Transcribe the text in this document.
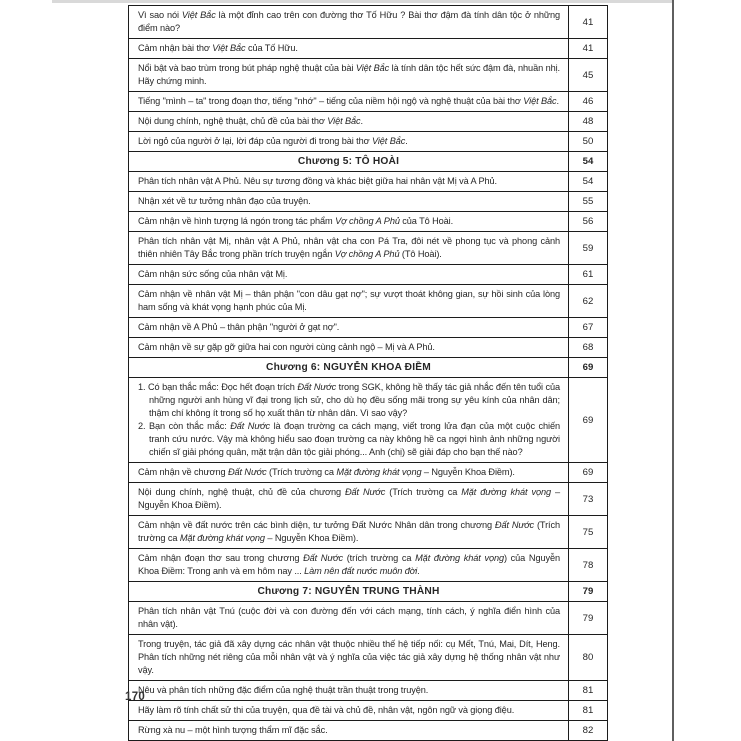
Vì sao nói Việt Bắc là một đỉnh cao trên con đường thơ Tố Hữu ? Bài thơ đậm đà tính dân tộc ở những điểm nào?	41

Cảm nhận bài thơ Việt Bắc của Tố Hữu.	41

Nổi bật và bao trùm trong bút pháp nghệ thuật của bài Việt Bắc là tính dân tộc hết sức đậm đà, nhuần nhị. Hãy chứng minh.	45

Tiếng "mình – ta" trong đoạn thơ, tiếng "nhớ" – tiếng của niềm hội ngộ và nghệ thuật của bài thơ Việt Bắc.	46

Nội dung chính, nghệ thuật, chủ đề của bài thơ Việt Bắc.	48

Lời ngỏ của người ở lại, lời đáp của người đi trong bài thơ Việt Bắc.	50

Chương 5: TÔ HOÀI	54

Phân tích nhân vật A Phủ. Nêu sự tương đồng và khác biệt giữa hai nhân vật Mị và A Phủ.	54

Nhận xét về tư tưởng nhân đạo của truyện.	55

Cảm nhận về hình tượng lá ngón trong tác phẩm Vợ chồng A Phủ của Tô Hoài.	56

Phân tích nhân vật Mị, nhân vật A Phủ, nhân vật cha con Pá Tra, đôi nét về phong tục và phong cảnh thiên nhiên Tây Bắc trong phần trích truyện ngắn Vợ chồng A Phủ (Tô Hoài).	59

Cảm nhận sức sống của nhân vật Mị.	61

Cảm nhận về nhân vật Mị – thân phận "con dâu gạt nợ"; sự vượt thoát không gian, sự hồi sinh của lòng ham sống và khát vọng hạnh phúc của Mị.	62

Cảm nhận về A Phủ – thân phận "người ở gạt nợ".	67

Cảm nhận về sự gặp gỡ giữa hai con người cùng cảnh ngộ – Mị và A Phủ.	68

Chương 6: NGUYỄN KHOA ĐIỀM	69

1. Có bạn thắc mắc: Đọc hết đoạn trích Đất Nước trong SGK, không hề thấy tác giả nhắc đến tên tuổi của những người anh hùng vĩ đại trong lịch sử, cho dù họ đều sống mãi trong sự yêu kính của nhân dân; thậm chí không ít trong số họ xuất thân từ nhân dân. Vì sao vậy?
2. Bạn còn thắc mắc: Đất Nước là đoạn trường ca cách mạng, viết trong lửa đạn của một cuộc chiến tranh cứu nước. Vậy mà không hiểu sao đoạn trường ca này không hề ca ngợi hình ảnh những người chiến sĩ giải phóng quân, mặt trận dân tộc giải phóng... Anh (chị) sẽ giải đáp cho bạn thế nào?	69

Cảm nhận về chương Đất Nước (Trích trường ca Mặt đường khát vọng – Nguyễn Khoa Điềm).	69

Nội dung chính, nghệ thuật, chủ đề của chương Đất Nước (Trích trường ca Mặt đường khát vọng – Nguyễn Khoa Điềm).	73

Cảm nhận về đất nước trên các bình diện, tư tưởng Đất Nước Nhân dân trong chương Đất Nước (Trích trường ca Mặt đường khát vọng – Nguyễn Khoa Điềm).	75

Cảm nhận đoạn thơ sau trong chương Đất Nước (trích trường ca Mặt đường khát vọng) của Nguyễn Khoa Điềm: Trong anh và em hôm nay ... Làm nên đất nước muôn đời.	78

Chương 7: NGUYỄN TRUNG THÀNH	79

Phân tích nhân vật Tnú (cuộc đời và con đường đến với cách mạng, tính cách, ý nghĩa điển hình của nhân vật).	79

Trong truyện, tác giả đã xây dựng các nhân vật thuộc nhiều thế hệ tiếp nối: cụ Mết, Tnú, Mai, Dít, Heng. Phân tích những nét riêng của mỗi nhân vật và ý nghĩa của việc tác giả xây dựng hệ thống nhân vật như vậy.	80

Nêu và phân tích những đặc điểm của nghệ thuật trần thuật trong truyện.	81

Hãy làm rõ tính chất sử thi của truyện, qua đề tài và chủ đề, nhân vật, ngôn ngữ và giọng điệu.	81

Rừng xà nu – một hình tượng thẩm mĩ đặc sắc.	82
170
